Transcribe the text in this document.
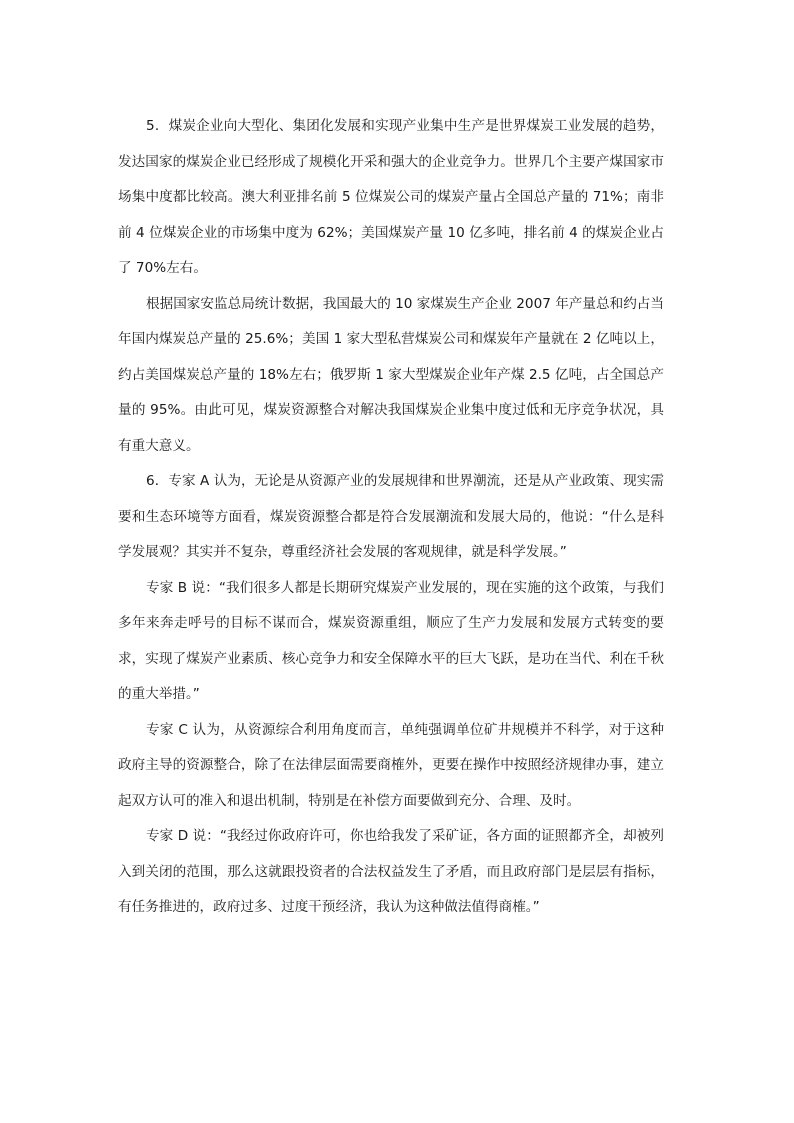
5．煤炭企业向大型化、集团化发展和实现产业集中生产是世界煤炭工业发展的趋势，发达国家的煤炭企业已经形成了规模化开采和强大的企业竞争力。世界几个主要产煤国家市场集中度都比较高。澳大利亚排名前 5 位煤炭公司的煤炭产量占全国总产量的 71%；南非前 4 位煤炭企业的市场集中度为 62%；美国煤炭产量 10 亿多吨，排名前 4 的煤炭企业占了 70%左右。

根据国家安监总局统计数据，我国最大的 10 家煤炭生产企业 2007 年产量总和约占当年国内煤炭总产量的 25.6%；美国 1 家大型私营煤炭公司和煤炭年产量就在 2 亿吨以上，约占美国煤炭总产量的 18%左右；俄罗斯 1 家大型煤炭企业年产煤 2.5 亿吨，占全国总产量的 95%。由此可见，煤炭资源整合对解决我国煤炭企业集中度过低和无序竞争状况，具有重大意义。

6．专家 A 认为，无论是从资源产业的发展规律和世界潮流，还是从产业政策、现实需要和生态环境等方面看，煤炭资源整合都是符合发展潮流和发展大局的，他说：“什么是科学发展观？其实并不复杂，尊重经济社会发展的客观规律，就是科学发展。”

专家 B 说：“我们很多人都是长期研究煤炭产业发展的，现在实施的这个政策，与我们多年来奔走呼号的目标不谋而合，煤炭资源重组，顺应了生产力发展和发展方式转变的要求，实现了煤炭产业素质、核心竞争力和安全保障水平的巨大飞跃，是功在当代、利在千秋的重大举措。”

专家 C 认为，从资源综合利用角度而言，单纯强调单位矿井规模并不科学，对于这种政府主导的资源整合，除了在法律层面需要商榷外，更要在操作中按照经济规律办事，建立起双方认可的准入和退出机制，特别是在补偿方面要做到充分、合理、及时。

专家 D 说：“我经过你政府许可，你也给我发了采矿证，各方面的证照都齐全，却被列入到关闭的范围，那么这就跟投资者的合法权益发生了矛盾，而且政府部门是层层有指标，有任务推进的，政府过多、过度干预经济，我认为这种做法值得商榷。”
